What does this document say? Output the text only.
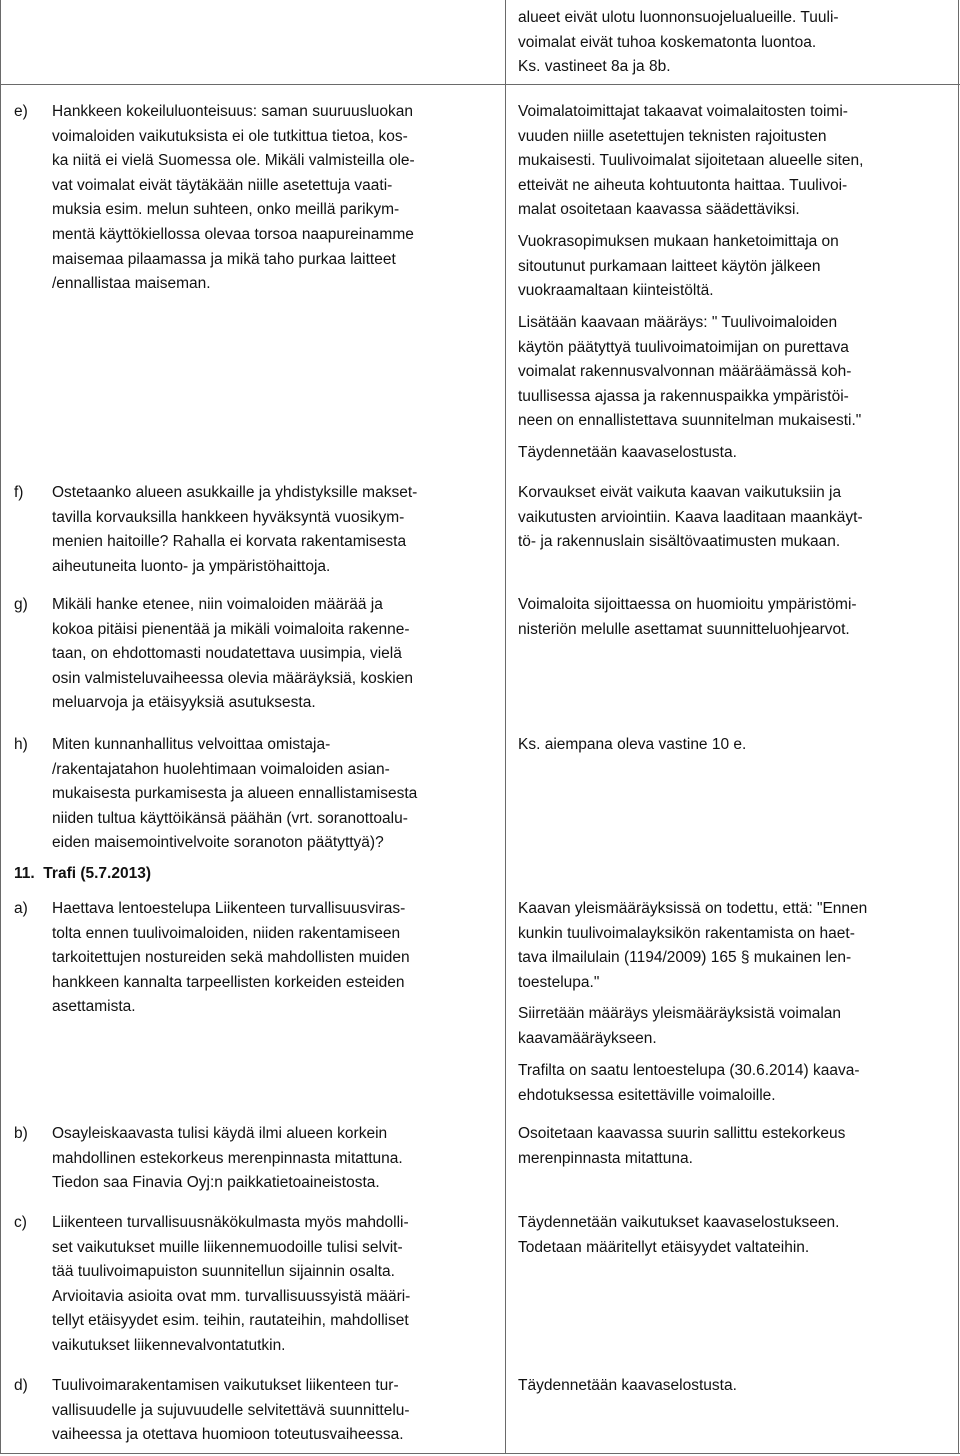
alueet eivät ulotu luonnonsuojelualueille. Tuuli-
voimalat eivät tuhoa koskematonta luontoa.
Ks. vastineet 8a ja 8b.
e) Hankkeen kokeiluluonteisuus: saman suuruusluokan
voimaloiden vaikutuksista ei ole tutkittua tietoa, kos-
ka niitä ei vielä Suomessa ole. Mikäli valmisteilla ole-
vat voimalat eivät täytäkään niille asetettuja vaati-
muksia esim. melun suhteen, onko meillä parikym-
mentä käyttökiellossa olevaa torsoa naapureinamme
maisemaa pilaamassa ja mikä taho purkaa laitteet
/ennallistaa maiseman.
Voimalatoimittajat takaavat voimalaitosten toimi-
vuuden niille asetettujen teknisten rajoitusten
mukaisesti. Tuulivoimalat sijoitetaan alueelle siten,
etteivät ne aiheuta kohtuutonta haittaa. Tuulivoi-
malat osoitetaan kaavassa säädettäviksi.
Vuokrasopimuksen mukaan hanketoimittaja on
sitoutunut purkamaan laitteet käytön jälkeen
vuokraamaltaan kiinteistöltä.
Lisätään kaavaan määräys: " Tuulivoimaloiden
käytön päätyttyä tuulivoimatoimijan on purettava
voimalat rakennusvalvonnan määräämässä koh-
tuullisessa ajassa ja rakennuspaikka ympäristöi-
neen on ennallistettava suunnitelman mukaisesti."
Täydennetään kaavaselostusta.
f) Ostetaanko alueen asukkaille ja yhdistyksille makset-
tavilla korvauksilla hankkeen hyväksyntä vuosikym-
menien haitoille? Rahalla ei korvata rakentamisesta
aiheutuneita luonto- ja ympäristöhaittoja.
Korvaukset eivät vaikuta kaavan vaikutuksiin ja
vaikutusten arviointiin. Kaava laaditaan maankäyt-
tö- ja rakennuslain sisältövaatimusten mukaan.
g) Mikäli hanke etenee, niin voimaloiden määrää ja
kokoa pitäisi pienentää ja mikäli voimaloita rakenne-
taan, on ehdottomasti noudatettava uusimpia, vielä
osin valmisteluvaiheessa olevia määräyksiä, koskien
meluarvoja ja etäisyyksiä asutuksesta.
Voimaloita sijoittaessa on huomioitu ympäristömi-
nisteriön melulle asettamat suunnitteluohjearvot.
h) Miten kunnanhallitus velvoittaa omistaja-
/rakentajatahon huolehtimaan voimaloiden asian-
mukaisesta purkamisesta ja alueen ennallistamisesta
niiden tultua käyttöikänsä päähän (vrt. soranottoalu-
eiden maisemointivelvoite soranoton päätyttyä)?
Ks. aiempana oleva vastine 10 e.
11.  Trafi (5.7.2013)
a) Haettava lentoestelupa Liikenteen turvallisuusviras-
tolta ennen tuulivoimaloiden, niiden rakentamiseen
tarkoitettujen nostureiden sekä mahdollisten muiden
hankkeen kannalta tarpeellisten korkeiden esteiden
asettamista.
Kaavan yleismääräyksissä on todettu, että: "Ennen
kunkin tuulivoimalayksikön rakentamista on haet-
tava ilmailulain (1194/2009) 165 § mukainen len-
toestelupa."
Siirretään määräys yleismääräyksistä voimalan
kaavamääräykseen.
Trafilta on saatu lentoestelupa (30.6.2014) kaava-
ehdotuksessa esitettäville voimaloille.
b) Osayleiskaavasta tulisi käydä ilmi alueen korkein
mahdollinen estekorkeus merenpinnasta mitattuna.
Tiedon saa Finavia Oyj:n paikkatietoaineistosta.
Osoitetaan kaavassa suurin sallittu estekorkeus
merenpinnasta mitattuna.
c) Liikenteen turvallisuusnäkökulmasta myös mahdolli-
set vaikutukset muille liikennemuodoille tulisi selvit-
tää tuulivoimapuiston suunnitellun sijainnin osalta.
Arvioitavia asioita ovat mm. turvallisuussyistä määri-
tellyt etäisyydet esim. teihin, rautateihin, mahdolliset
vaikutukset liikennevalvontatutkin.
Täydennetään vaikutukset kaavaselostukseen.
Todetaan määritellyt etäisyydet valtateihin.
d) Tuulivoimarakentamisen vaikutukset liikenteen tur-
vallisuudelle ja sujuvuudelle selvitettävä suunnittelu-
vaiheessa ja otettava huomioon toteutusvaiheessa.
Täydennetään kaavaselostusta.
